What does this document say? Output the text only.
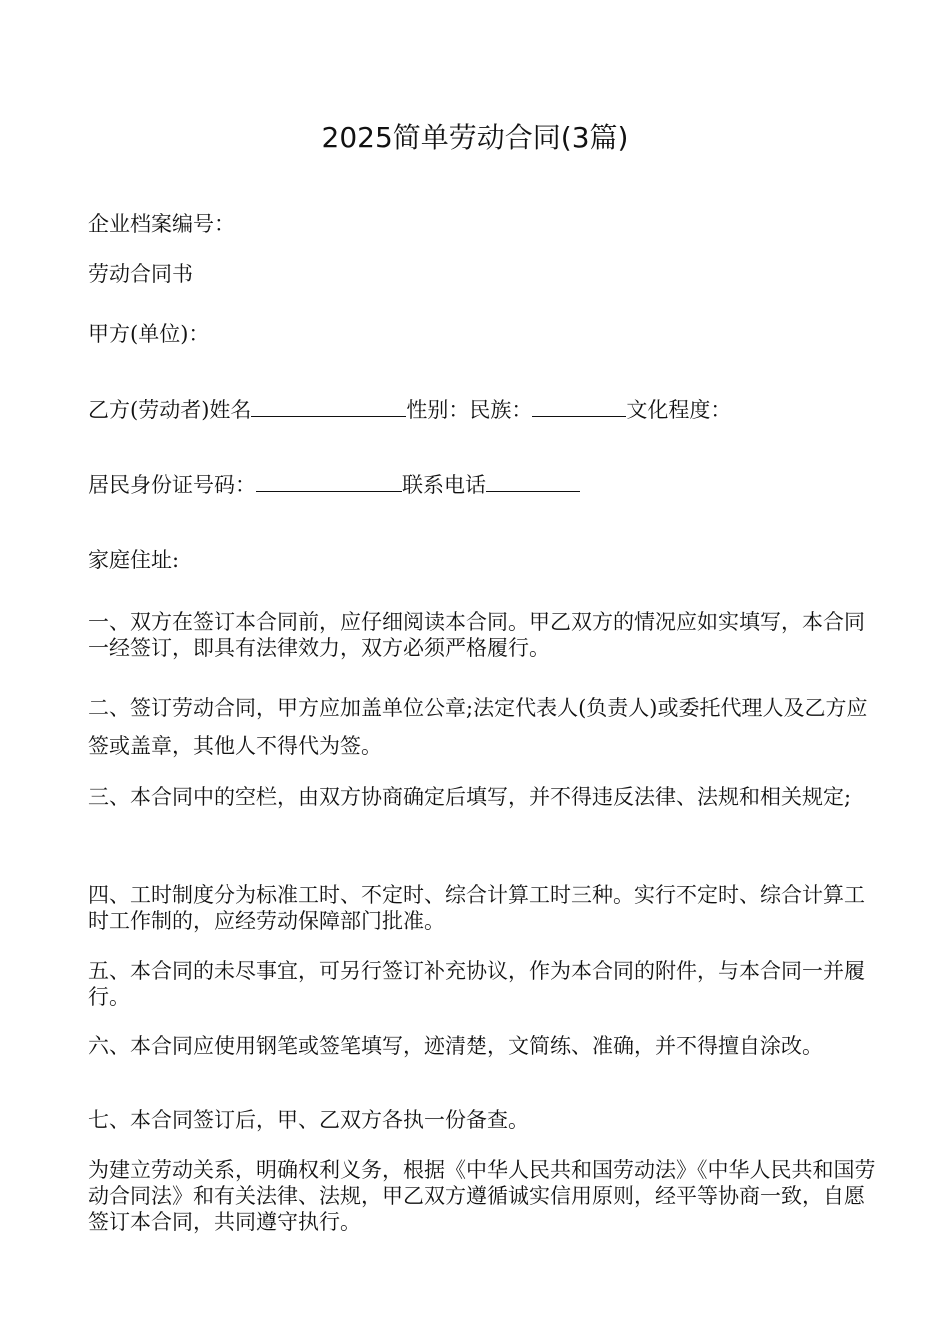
2025简单劳动合同(3篇)
企业档案编号：
劳动合同书
甲方(单位)：
乙方(劳动者)姓名	性别：民族：	文化程度：
居民身份证号码：	联系电话
家庭住址:
一、双方在签订本合同前，应仔细阅读本合同。甲乙双方的情况应如实填写，本合同一经签订，即具有法律效力，双方必须严格履行。
二、签订劳动合同，甲方应加盖单位公章;法定代表人(负责人)或委托代理人及乙方应签或盖章，其他人不得代为签。
三、本合同中的空栏，由双方协商确定后填写，并不得违反法律、法规和相关规定;
四、工时制度分为标准工时、不定时、综合计算工时三种。实行不定时、综合计算工时工作制的，应经劳动保障部门批准。
五、本合同的未尽事宜，可另行签订补充协议，作为本合同的附件，与本合同一并履行。
六、本合同应使用钢笔或签笔填写，迹清楚，文简练、准确，并不得擅自涂改。
七、本合同签订后，甲、乙双方各执一份备查。
为建立劳动关系，明确权利义务，根据《中华人民共和国劳动法》《中华人民共和国劳动合同法》和有关法律、法规，甲乙双方遵循诚实信用原则，经平等协商一致，自愿签订本合同，共同遵守执行。
